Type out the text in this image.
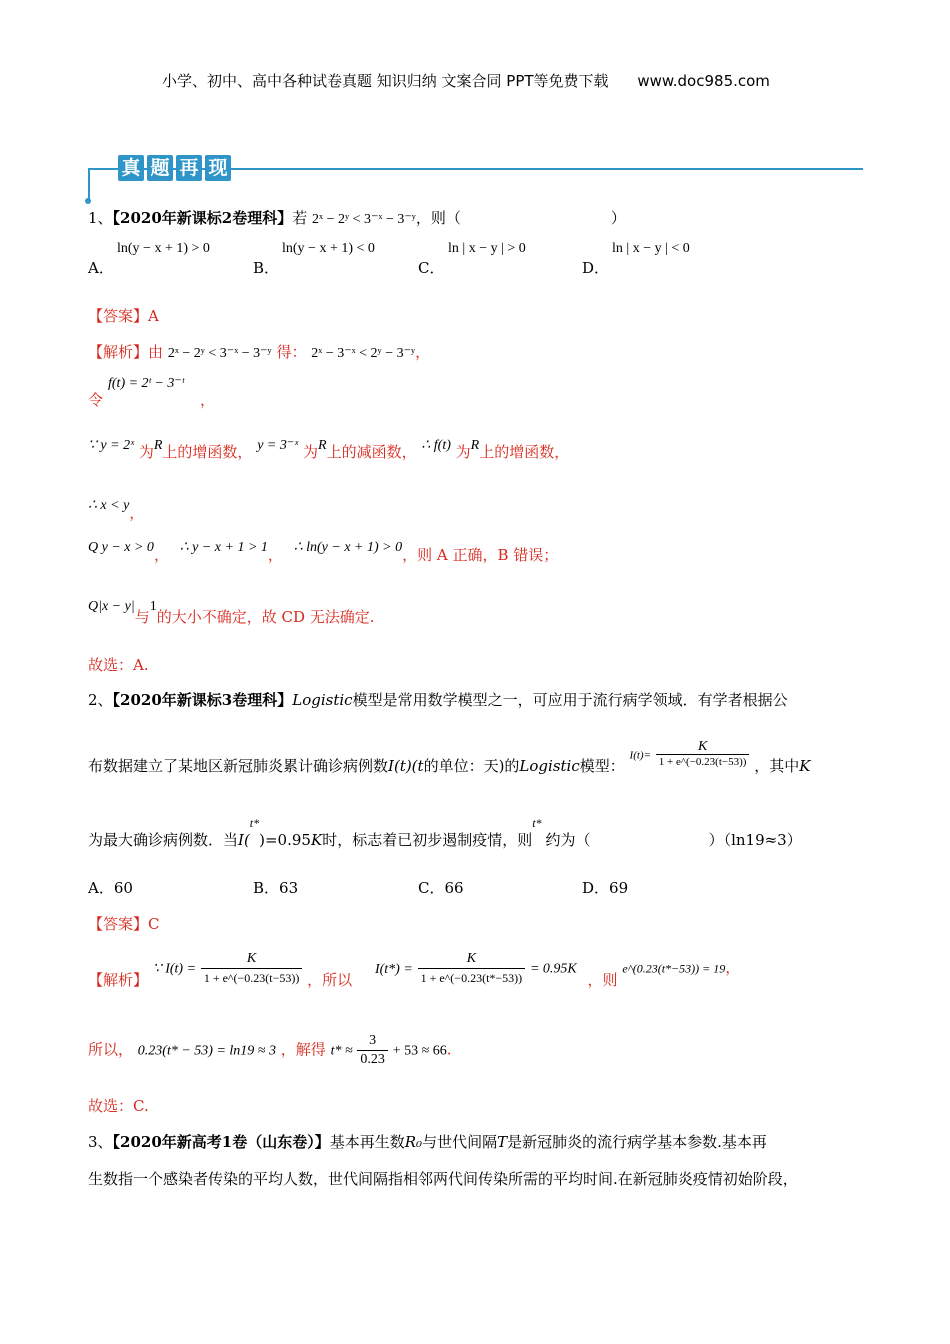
小学、初中、高中各种试卷真题 知识归纳 文案合同 PPT等免费下载 www.doc985.com
真 题 再 现
1、【2020年新课标2卷理科】若 2ˣ − 2ʸ < 3⁻ˣ − 3⁻ʸ，则（	）
ln(y − x + 1) > 0	ln(y − x + 1) < 0	ln | x − y | > 0	ln | x − y | < 0
A．	B．	C．	D．
【答案】A
【解析】由 2ˣ − 2ʸ < 3⁻ˣ − 3⁻ʸ 得： 2ˣ − 3⁻ˣ < 2ʸ − 3⁻ʸ，
令
f(t) = 2ᵗ − 3⁻ᵗ
，
∵ y = 2ˣ 为R上的增函数， y = 3⁻ˣ 为R上的减函数， ∴ f(t) 为R上的增函数，
∴ x < y，
Q y − x > 0， ∴ y − x + 1 > 1， ∴ ln(y − x + 1) > 0，则 A 正确，B 错误；
Q|x − y|与1的大小不确定，故 CD 无法确定.
故选：A.
2、【2020年新课标3卷理科】Logistic模型是常用数学模型之一，可应用于流行病学领域．有学者根据公
布数据建立了某地区新冠肺炎累计确诊病例数I(t)(t的单位：天)的Logistic模型： $I(t)= \frac{K}{1 + e\^{}(-0.23(t-53))}$ ，其中K
为最大确诊病例数．当I($^{t*}$)=0.95K时，标志着已初步遏制疫情，则$^{t*}$约为（	）（ln19≈3）
A．60	B．63	C．66	D．69
【答案】C
【解析】 ∵ $I(t) = \frac{K}{1 + e\^{}(-0.23(t-53))}$ ，所以 $I(t*) = \frac{K}{1 + e\^{}(-0.23(t*-53))} = 0.95K$ ，则 e^(0.23(t*−53)) = 19，
所以， 0.23(t* − 53) = ln19 ≈ 3 ，解得 $t* \approx \frac{3}{0.23} + 53 \approx 66$.
故选：C.
3、【2020年新高考1卷（山东卷）】基本再生数R₀与世代间隔T是新冠肺炎的流行病学基本参数.基本再
生数指一个感染者传染的平均人数，世代间隔指相邻两代间传染所需的平均时间.在新冠肺炎疫情初始阶段，
